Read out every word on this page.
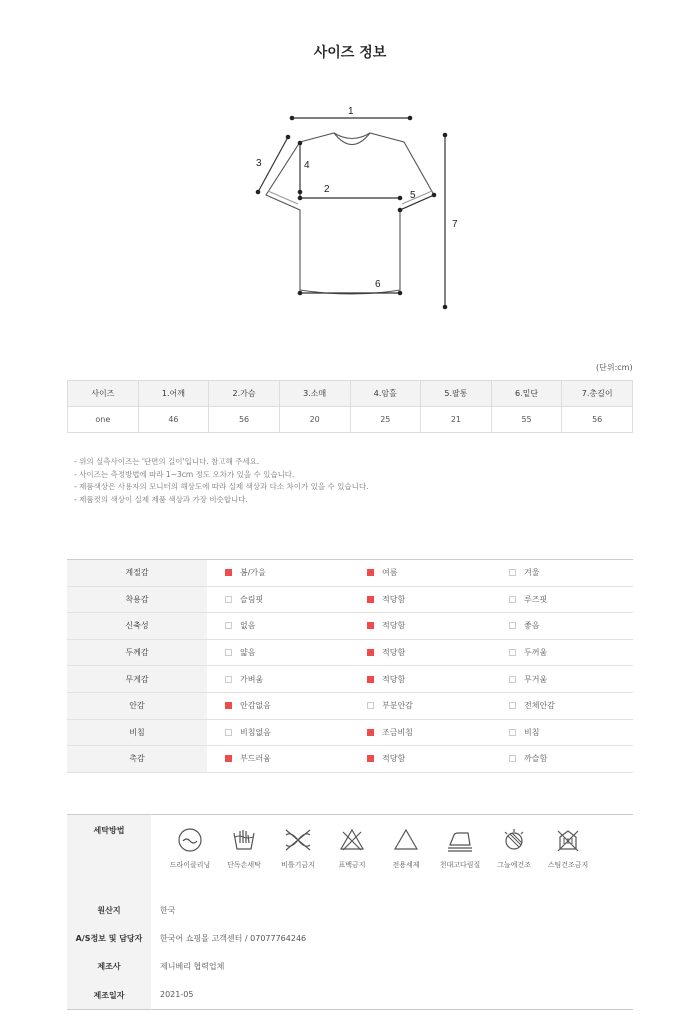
사이즈 정보
1
2
3	4
5
6
7
(단위:cm)
사이즈	1.어깨	2.가슴	3.소매	4.암홀	5.팔통	6.밑단	7.총길이
one	46	56	20	25	21	55	56
- 위의 실측사이즈는 '단면의 길이'입니다. 참고해 주세요.
- 사이즈는 측정방법에 따라 1~3cm 정도 오차가 있을 수 있습니다.
- 제품색상은 사용자의 모니터의 해상도에 따라 실제 색상과 다소 차이가 있을 수 있습니다.
- 제품컷의 색상이 실제 제품 색상과 가장 비슷합니다.
계절감	봄/가을	여름	겨울
착용감	슬림핏	적당함	루즈핏
신축성	없음	적당함	좋음
두께감	얇음	적당함	두꺼움
무게감	가벼움	적당함	무거움
안감	안감없음	부분안감	전체안감
비침	비침없음	조금비침	비침
촉감	부드러움	적당함	까슬함
세탁방법
드라이클리닝	단독손세탁	비틀기금지	표백금지	전용세제	천대고다림질	그늘에건조	스팀건조금지
원산지	한국
A/S정보 및 담당자	한국어 쇼핑몰 고객센터 / 07077764246
제조사	제니베리 협력업체
제조일자	2021-05
